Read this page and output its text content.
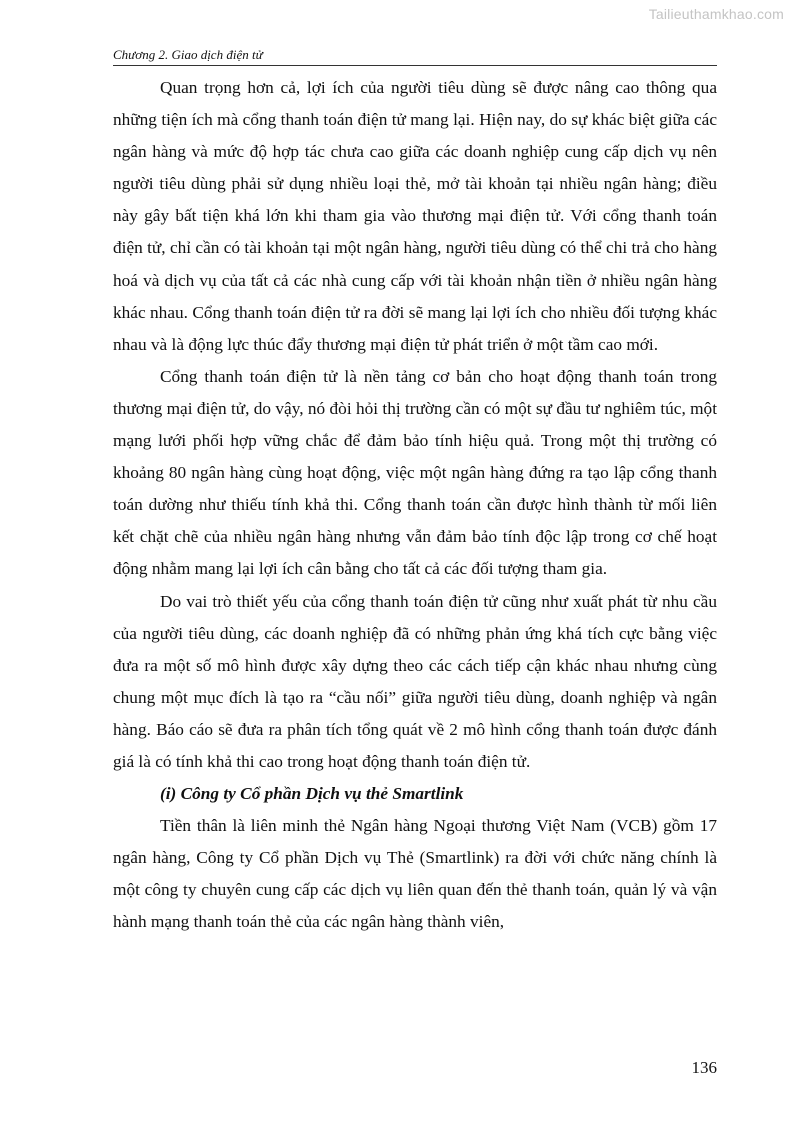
Tailieuthamkhao.com
Chương 2. Giao dịch điện tử

Quan trọng hơn cả, lợi ích của người tiêu dùng sẽ được nâng cao thông qua những tiện ích mà cổng thanh toán điện tử mang lại. Hiện nay, do sự khác biệt giữa các ngân hàng và mức độ hợp tác chưa cao giữa các doanh nghiệp cung cấp dịch vụ nên người tiêu dùng phải sử dụng nhiều loại thẻ, mở tài khoản tại nhiều ngân hàng; điều này gây bất tiện khá lớn khi tham gia vào thương mại điện tử. Với cổng thanh toán điện tử, chỉ cần có tài khoản tại một ngân hàng, người tiêu dùng có thể chi trả cho hàng hoá và dịch vụ của tất cả các nhà cung cấp với tài khoản nhận tiền ở nhiều ngân hàng khác nhau. Cổng thanh toán điện tử ra đời sẽ mang lại lợi ích cho nhiều đối tượng khác nhau và là động lực thúc đẩy thương mại điện tử phát triển ở một tầm cao mới.

Cổng thanh toán điện tử là nền tảng cơ bản cho hoạt động thanh toán trong thương mại điện tử, do vậy, nó đòi hỏi thị trường cần có một sự đầu tư nghiêm túc, một mạng lưới phối hợp vững chắc để đảm bảo tính hiệu quả. Trong một thị trường có khoảng 80 ngân hàng cùng hoạt động, việc một ngân hàng đứng ra tạo lập cổng thanh toán dường như thiếu tính khả thi. Cổng thanh toán cần được hình thành từ mối liên kết chặt chẽ của nhiều ngân hàng nhưng vẫn đảm bảo tính độc lập trong cơ chế hoạt động nhằm mang lại lợi ích cân bằng cho tất cả các đối tượng tham gia.

Do vai trò thiết yếu của cổng thanh toán điện tử cũng như xuất phát từ nhu cầu của người tiêu dùng, các doanh nghiệp đã có những phản ứng khá tích cực bằng việc đưa ra một số mô hình được xây dựng theo các cách tiếp cận khác nhau nhưng cùng chung một mục đích là tạo ra “cầu nối” giữa người tiêu dùng, doanh nghiệp và ngân hàng. Báo cáo sẽ đưa ra phân tích tổng quát về 2 mô hình cổng thanh toán được đánh giá là có tính khả thi cao trong hoạt động thanh toán điện tử.

(i) Công ty Cổ phần Dịch vụ thẻ Smartlink

Tiền thân là liên minh thẻ Ngân hàng Ngoại thương Việt Nam (VCB) gồm 17 ngân hàng, Công ty Cổ phần Dịch vụ Thẻ (Smartlink) ra đời với chức năng chính là một công ty chuyên cung cấp các dịch vụ liên quan đến thẻ thanh toán, quản lý và vận hành mạng thanh toán thẻ của các ngân hàng thành viên,

136
